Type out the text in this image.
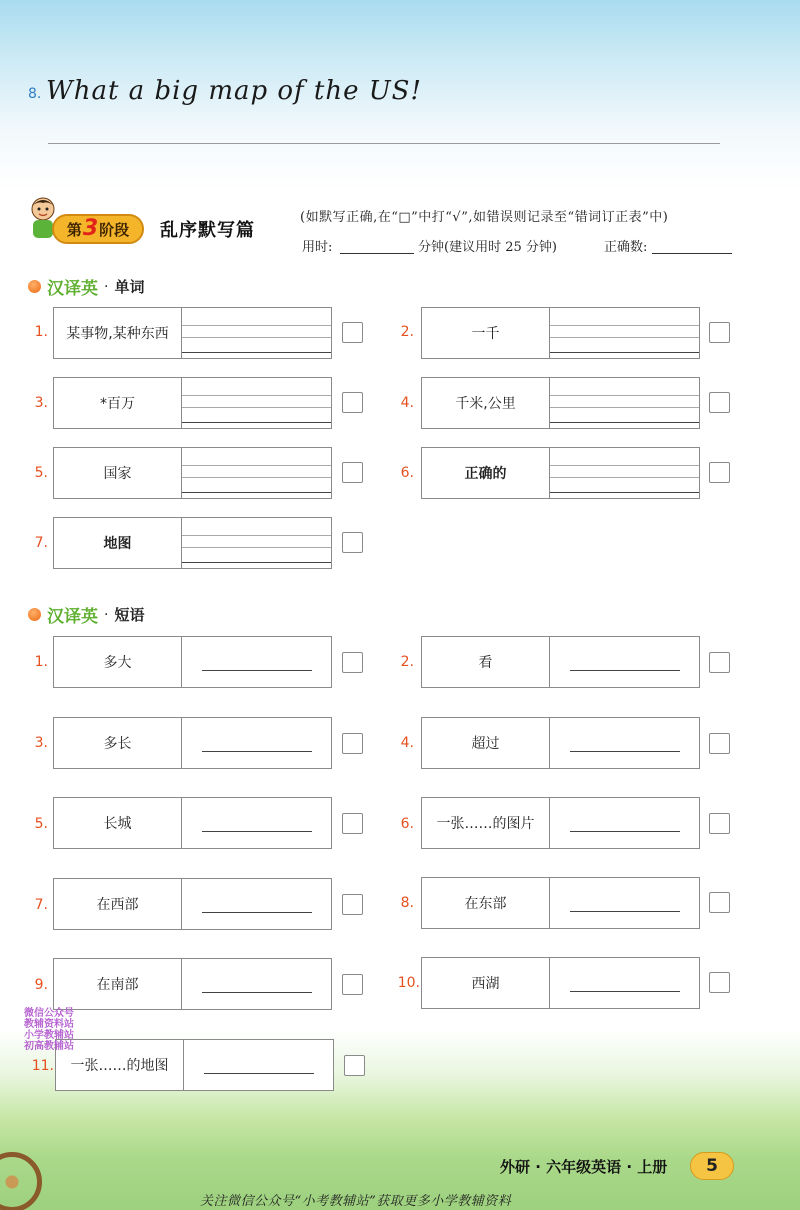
8. What a big map of the US!
第 3 阶段 乱序默写篇
(如默写正确,在“□”中打“√”,如错误则记录至“错词订正表”中)
用时:	分钟(建议用时 25 分钟)	正确数:
汉译英 · 单词
1.	某事物,某种东西	2.	一千
3.	*百万	4.	千米,公里
5.	国家	6.	正确的
7.	地图
汉译英 · 短语
1.	多大	2.	看
3.	多长	4.	超过
5.	长城	6.	一张……的图片
7.	在西部	8.	在东部
9.	在南部	10.	西湖
11.	一张……的地图
微信公众号
教辅资料站
小学教辅站
初高教辅站
外研 · 六年级英语 · 上册	5
关注微信公众号“小考教辅站”获取更多小学教辅资料
